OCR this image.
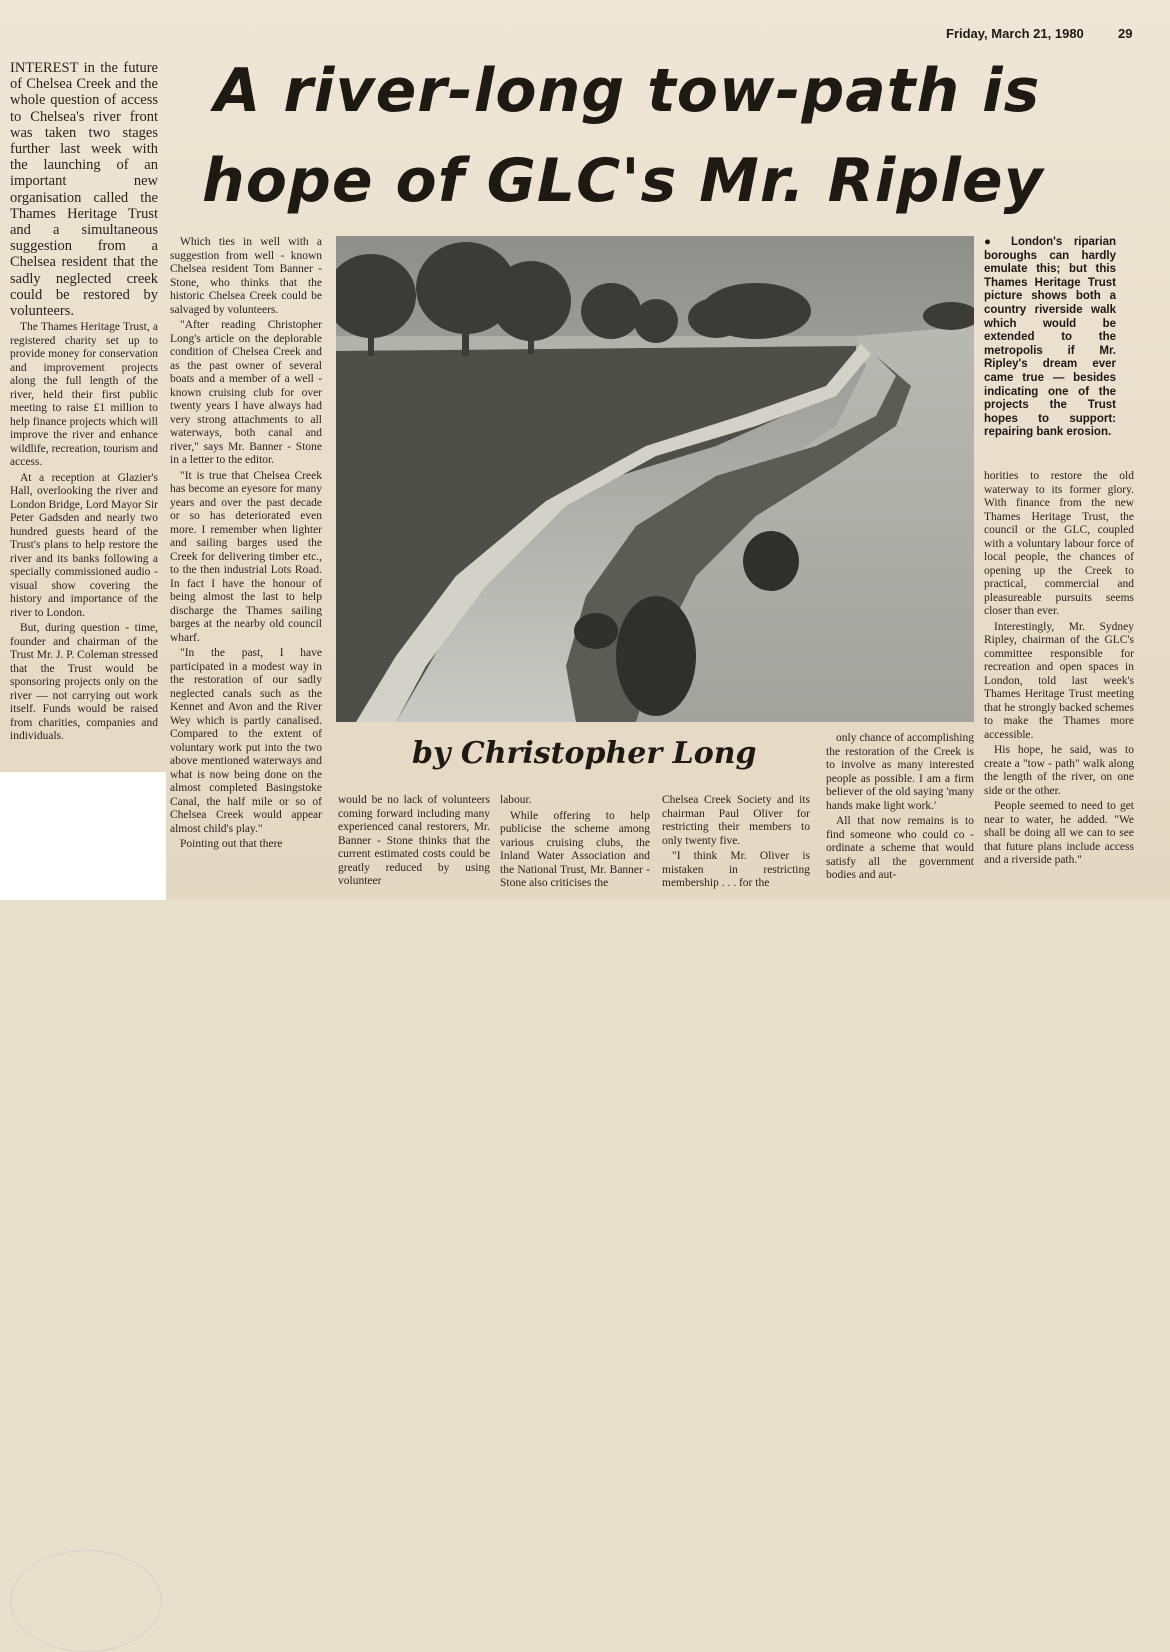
Friday, March 21, 1980	29
A river-long tow-path is
hope of GLC's Mr. Ripley

INTEREST in the future of Chelsea Creek and the whole question of access to Chelsea's river front was taken two stages further last week with the launching of an important new organisation called the Thames Heritage Trust and a simultaneous suggestion from a Chelsea resident that the sadly neglected creek could be restored by volunteers.

The Thames Heritage Trust, a registered charity set up to provide money for conservation and improvement projects along the full length of the river, held their first public meeting to raise £1 million to help finance projects which will improve the river and enhance wildlife, recreation, tourism and access.

At a reception at Glazier's Hall, overlooking the river and London Bridge, Lord Mayor Sir Peter Gadsden and nearly two hundred guests heard of the Trust's plans to help restore the river and its banks following a specially commissioned audio - visual show covering the history and importance of the river to London.

But, during question - time, founder and chairman of the Trust Mr. J. P. Coleman stressed that the Trust would be sponsoring projects only on the river — not carrying out work itself. Funds would be raised from charities, companies and individuals.

Which ties in well with a suggestion from well - known Chelsea resident Tom Banner - Stone, who thinks that the historic Chelsea Creek could be salvaged by volunteers.

"After reading Christopher Long's article on the deplorable condition of Chelsea Creek and as the past owner of several boats and a member of a well - known cruising club for over twenty years I have always had very strong attachments to all waterways, both canal and river," says Mr. Banner - Stone in a letter to the editor.

"It is true that Chelsea Creek has become an eyesore for many years and over the past decade or so has deteriorated even more. I remember when lighter and sailing barges used the Creek for delivering timber etc., to the then industrial Lots Road. In fact I have the honour of being almost the last to help discharge the Thames sailing barges at the nearby old council wharf.

"In the past, I have participated in a modest way in the restoration of our sadly neglected canals such as the Kennet and Avon and the River Wey which is partly canalised. Compared to the extent of voluntary work put into the two above mentioned waterways and what is now being done on the almost completed Basingstoke Canal, the half mile or so of Chelsea Creek would appear almost child's play."

Pointing out that there

● London's riparian boroughs can hardly emulate this; but this Thames Heritage Trust picture shows both a country riverside walk which would be extended to the metropolis if Mr. Ripley's dream ever came true — besides indicating one of the projects the Trust hopes to support: repairing bank erosion.
by Christopher Long

would be no lack of volunteers coming forward including many experienced canal restorers, Mr. Banner - Stone thinks that the current estimated costs could be greatly reduced by using volunteer

labour.

While offering to help publicise the scheme among various cruising clubs, the Inland Water Association and the National Trust, Mr. Banner - Stone also criticises the

Chelsea Creek Society and its chairman Paul Oliver for restricting their members to only twenty five.

"I think Mr. Oliver is mistaken in restricting membership . . . for the

only chance of accomplishing the restoration of the Creek is to involve as many interested people as possible. I am a firm believer of the old saying 'many hands make light work.'

All that now remains is to find someone who could co - ordinate a scheme that would satisfy all the government bodies and aut-

horities to restore the old waterway to its former glory. With finance from the new Thames Heritage Trust, the council or the GLC, coupled with a voluntary labour force of local people, the chances of opening up the Creek to practical, commercial and pleasureable pursuits seems closer than ever.

Interestingly, Mr. Sydney Ripley, chairman of the GLC's committee responsible for recreation and open spaces in London, told last week's Thames Heritage Trust meeting that he strongly backed schemes to make the Thames more accessible.

His hope, he said, was to create a "tow - path" walk along the length of the river, on one side or the other.

People seemed to need to get near to water, he added. "We shall be doing all we can to see that future plans include access and a riverside path."
